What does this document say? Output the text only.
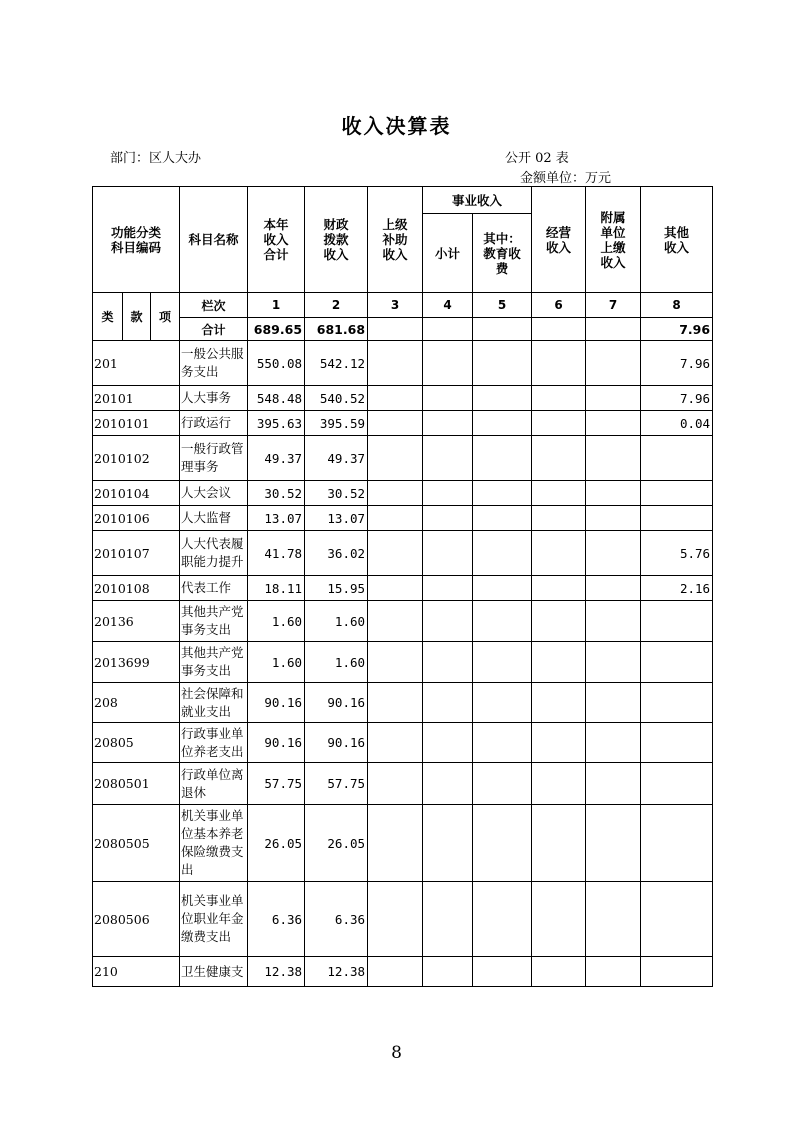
收入决算表
部门：区人大办	公开 02 表
金额单位：万元
功能分类科目编码			科目名称	本年收入合计	财政拨款收入	上级补助收入	事业收入		经营收入	附属单位上缴收入	其他收入

							小计	其中：教育收费			

类	款	项	栏次	1	2	3	4	5	6	7	8
			合计	689.65	681.68						7.96
201			一般公共服务支出	550.08	542.12						7.96
20101			人大事务	548.48	540.52						7.96
2010101			行政运行	395.63	395.59						0.04
2010102			一般行政管理事务	49.37	49.37						
2010104			人大会议	30.52	30.52						
2010106			人大监督	13.07	13.07						
2010107			人大代表履职能力提升	41.78	36.02						5.76
2010108			代表工作	18.11	15.95						2.16
20136			其他共产党事务支出	1.60	1.60						
2013699			其他共产党事务支出	1.60	1.60						
208			社会保障和就业支出	90.16	90.16						
20805			行政事业单位养老支出	90.16	90.16						
2080501			行政单位离退休	57.75	57.75						
2080505			机关事业单位基本养老保险缴费支出	26.05	26.05						
2080506			机关事业单位职业年金缴费支出	6.36	6.36						
210			卫生健康支	12.38	12.38						
8
